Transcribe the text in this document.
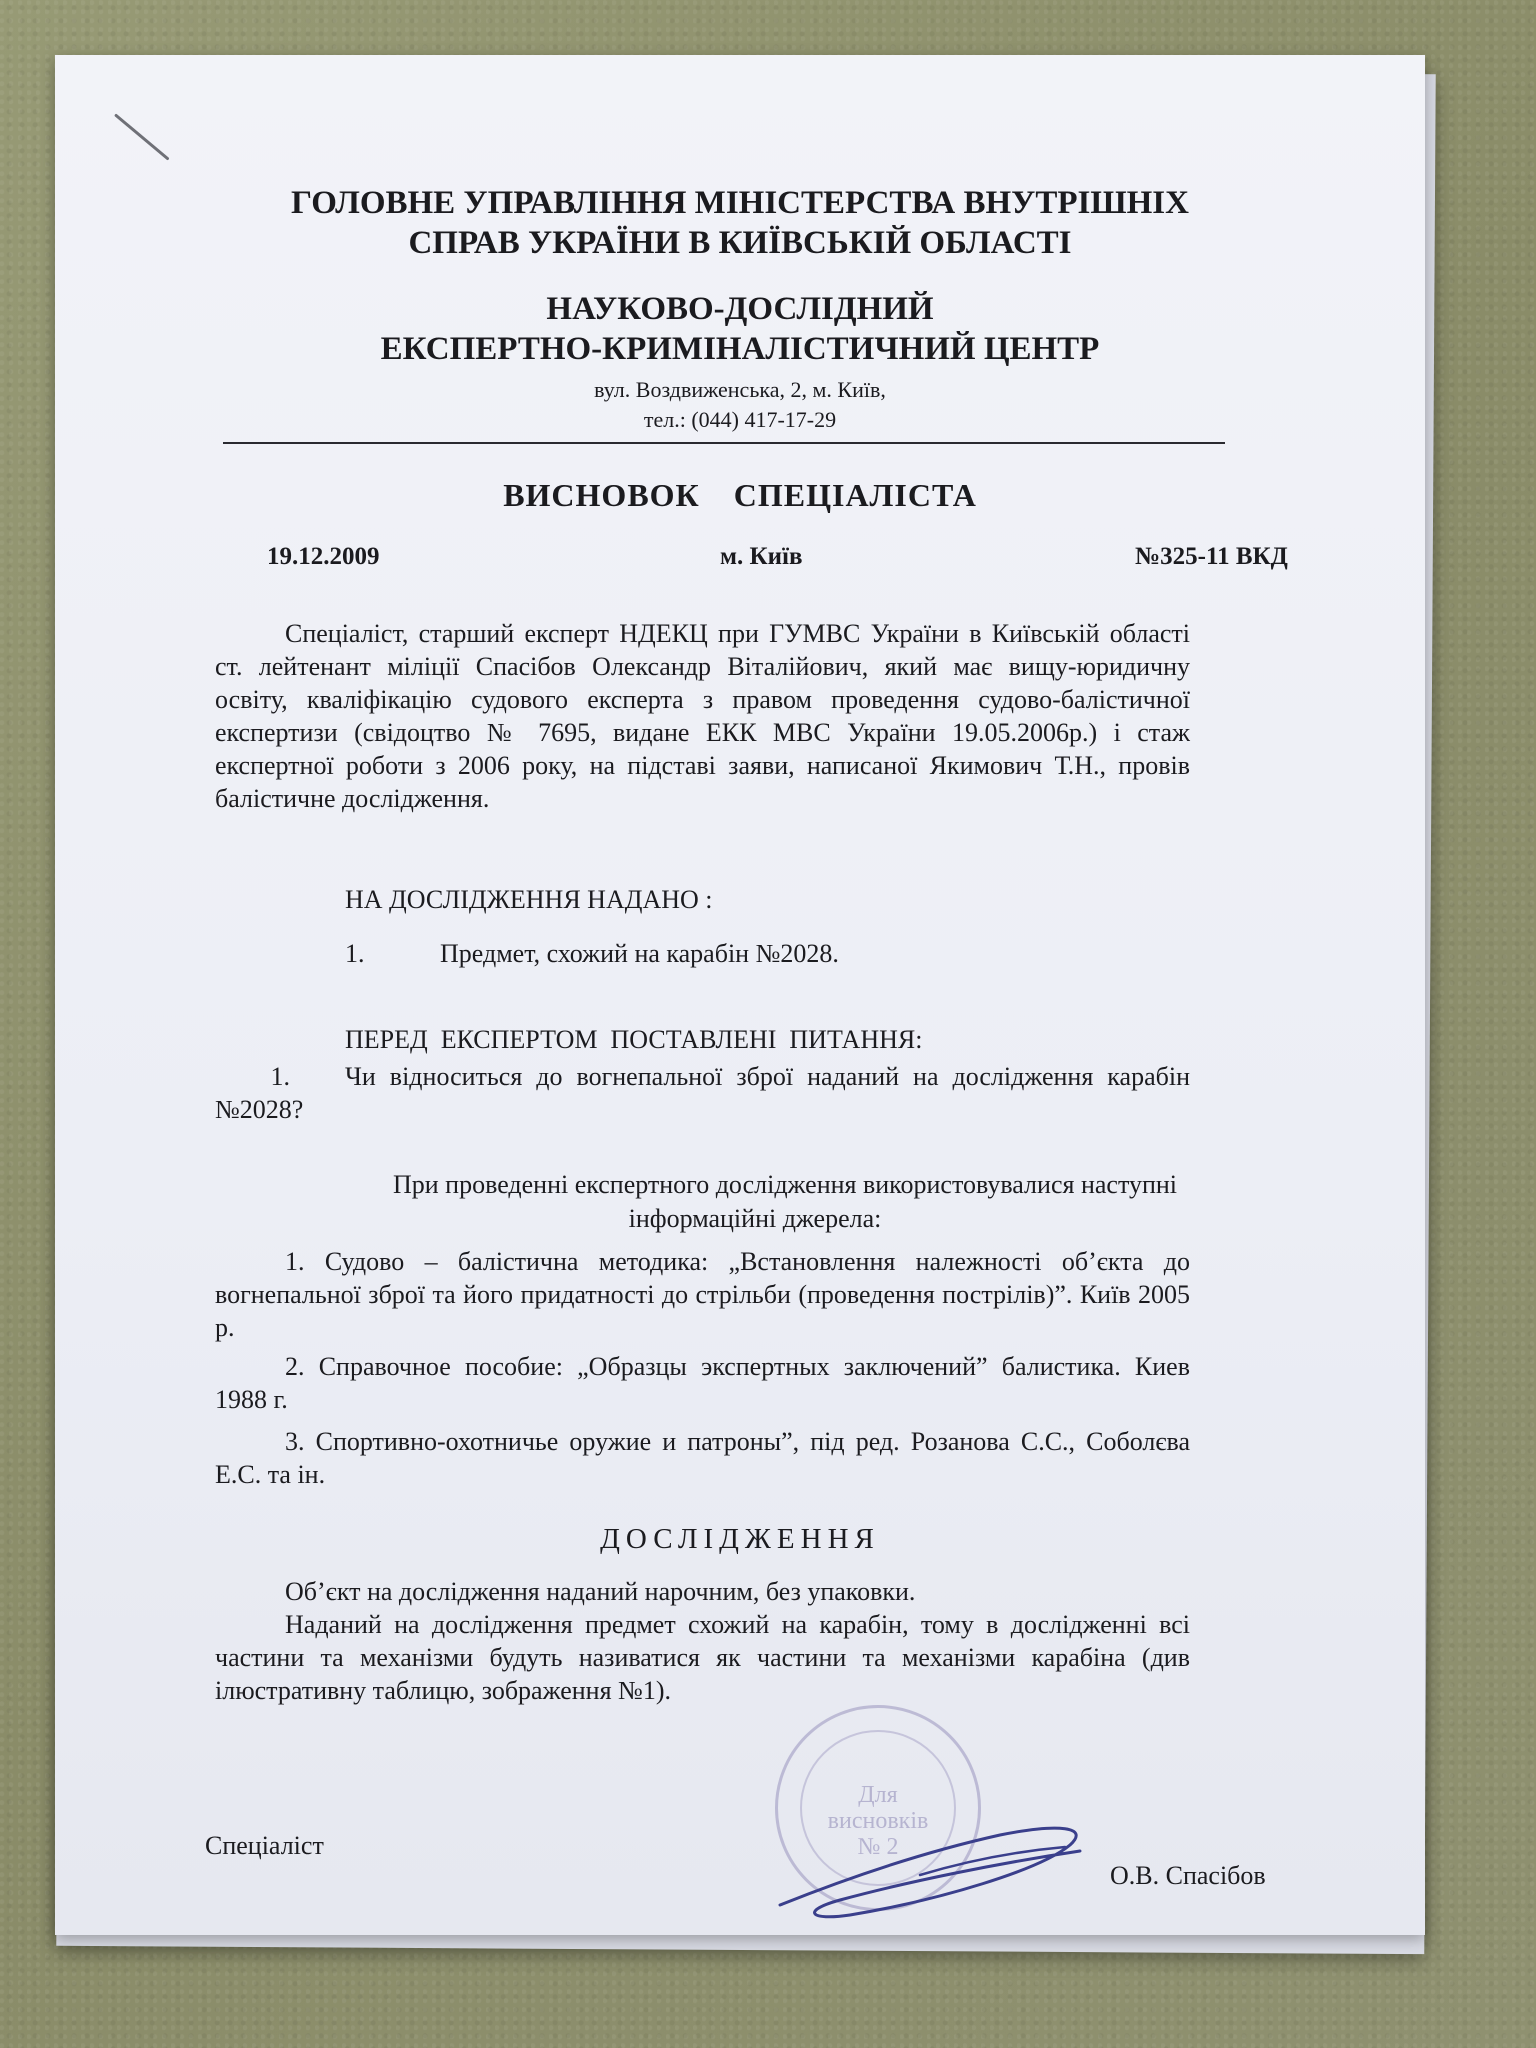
ГОЛОВНЕ УПРАВЛІННЯ МІНІСТЕРСТВА ВНУТРІШНІХ
СПРАВ УКРАЇНИ В КИЇВСЬКІЙ ОБЛАСТІ
НАУКОВО-ДОСЛІДНИЙ
ЕКСПЕРТНО-КРИМІНАЛІСТИЧНИЙ ЦЕНТР
вул. Воздвиженська, 2, м. Київ,
тел.: (044) 417-17-29
ВИСНОВОК  СПЕЦІАЛІСТА
19.12.2009	м. Київ	№325-11 ВКД
Спеціаліст, старший експерт НДЕКЦ при ГУМВС України в Київській області ст. лейтенант міліції Спасібов Олександр Віталійович, який має вищу-юридичну освіту, кваліфікацію судового експерта з правом проведення судово-балістичної експертизи (свідоцтво № 7695, видане ЕКК МВС України 19.05.2006р.) і стаж експертної роботи з 2006 року, на підставі заяви, написаної Якимович Т.Н., провів балістичне дослідження.
НА ДОСЛІДЖЕННЯ НАДАНО :
1.	Предмет, схожий на карабін №2028.
ПЕРЕД  ЕКСПЕРТОМ  ПОСТАВЛЕНІ  ПИТАННЯ:
1. Чи відноситься до вогнепальної зброї наданий на дослідження карабін №2028?
При проведенні експертного дослідження використовувалися наступні
інформаційні джерела:
1. Судово – балістична методика: „Встановлення належності об’єкта до вогнепальної зброї та його придатності до стрільби (проведення пострілів)”. Київ 2005 р.
2. Справочное пособие: „Образцы экспертных заключений” балистика. Киев 1988 г.
3. Спортивно-охотничье оружие и патроны”, під ред. Розанова С.С., Соболєва Е.С. та ін.
ДОСЛІДЖЕННЯ
Об’єкт на дослідження наданий нарочним, без упаковки.
Наданий на дослідження предмет схожий на карабін, тому в дослідженні всі частини та механізми будуть називатися як частини та механізми карабіна (див ілюстративну таблицю, зображення №1).
Для
висновків
№ 2
Спеціаліст
О.В. Спасібов
